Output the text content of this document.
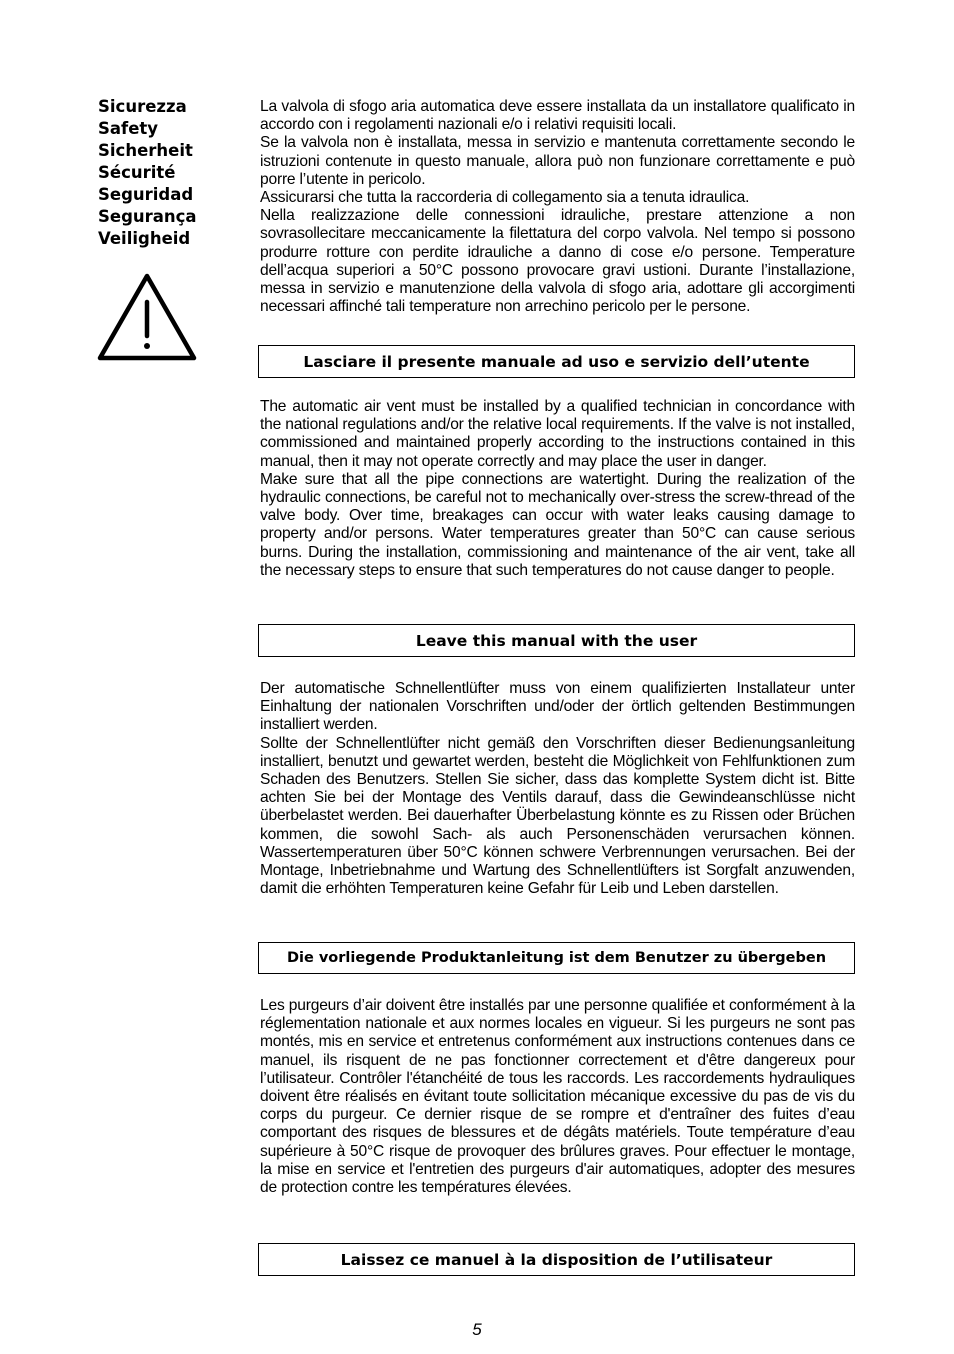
Sicurezza
Safety
Sicherheit
Sécurité
Seguridad
Segurança
Veiligheid

La valvola di sfogo aria automatica deve essere installata da un installatore qualificato in accordo con i regolamenti nazionali e/o i relativi requisiti locali.

Se la valvola non è installata, messa in servizio e mantenuta correttamente secondo le istruzioni contenute in questo manuale, allora può non funzionare correttamente e può porre l’utente in pericolo.

Assicurarsi che tutta la raccorderia di collegamento sia a tenuta idraulica.

Nella realizzazione delle connessioni idrauliche, prestare attenzione a non sovrasollecitare meccanicamente la filettatura del corpo valvola. Nel tempo si possono produrre rotture con perdite idrauliche a danno di cose e/o persone. Temperature dell’acqua superiori a 50°C possono provocare gravi ustioni. Durante l’installazione, messa in servizio e manutenzione della valvola di sfogo aria, adottare gli accorgimenti necessari affinché tali temperature non arrechino pericolo per le persone.

Lasciare il presente manuale ad uso e servizio dell’utente

The automatic air vent must be installed by a qualified technician in concordance with the national regulations and/or the relative local requirements. If the valve is not installed, commissioned and maintained properly according to the instructions contained in this manual, then it may not operate correctly and may place the user in danger.

Make sure that all the pipe connections are watertight. During the realization of the hydraulic connections, be careful not to mechanically over-stress the screw-thread of the valve body. Over time, breakages can occur with water leaks causing damage to property and/or persons. Water temperatures greater than 50°C can cause serious burns. During the installation, commissioning and maintenance of the air vent, take all the necessary steps to ensure that such temperatures do not cause danger to people.

Leave this manual with the user

Der automatische Schnellentlüfter muss von einem qualifizierten Installateur unter Einhaltung der nationalen Vorschriften und/oder der örtlich geltenden Bestimmungen installiert werden.

Sollte der Schnellentlüfter nicht gemäß den Vorschriften dieser Bedienungsanleitung installiert, benutzt und gewartet werden, besteht die Möglichkeit von Fehlfunktionen zum Schaden des Benutzers. Stellen Sie sicher, dass das komplette System dicht ist. Bitte achten Sie bei der Montage des Ventils darauf, dass die Gewindeanschlüsse nicht überbelastet werden. Bei dauerhafter Überbelastung könnte es zu Rissen oder Brüchen kommen, die sowohl Sach- als auch Personenschäden verursachen können. Wassertemperaturen über 50°C können schwere Verbrennungen verursachen. Bei der Montage, Inbetriebnahme und Wartung des Schnellentlüfters ist Sorgfalt anzuwenden, damit die erhöhten Temperaturen keine Gefahr für Leib und Leben darstellen.

Die vorliegende Produktanleitung ist dem Benutzer zu übergeben

Les purgeurs d’air doivent être installés par une personne qualifiée et conformément à la réglementation nationale et aux normes locales en vigueur. Si les purgeurs ne sont pas montés, mis en service et entretenus conformément aux instructions contenues dans ce manuel, ils risquent de ne pas fonctionner correctement et d'être dangereux pour l’utilisateur. Contrôler l'étanchéité de tous les raccords. Les raccordements hydrauliques doivent être réalisés en évitant toute sollicitation mécanique excessive du pas de vis du corps du purgeur. Ce dernier risque de se rompre et d'entraîner des fuites d’eau comportant des risques de blessures et de dégâts matériels. Toute température d’eau supérieure à 50°C risque de provoquer des brûlures graves. Pour effectuer le montage, la mise en service et l'entretien des purgeurs d'air automatiques, adopter des mesures de protection contre les températures élevées.

Laissez ce manuel à la disposition de l’utilisateur
5
